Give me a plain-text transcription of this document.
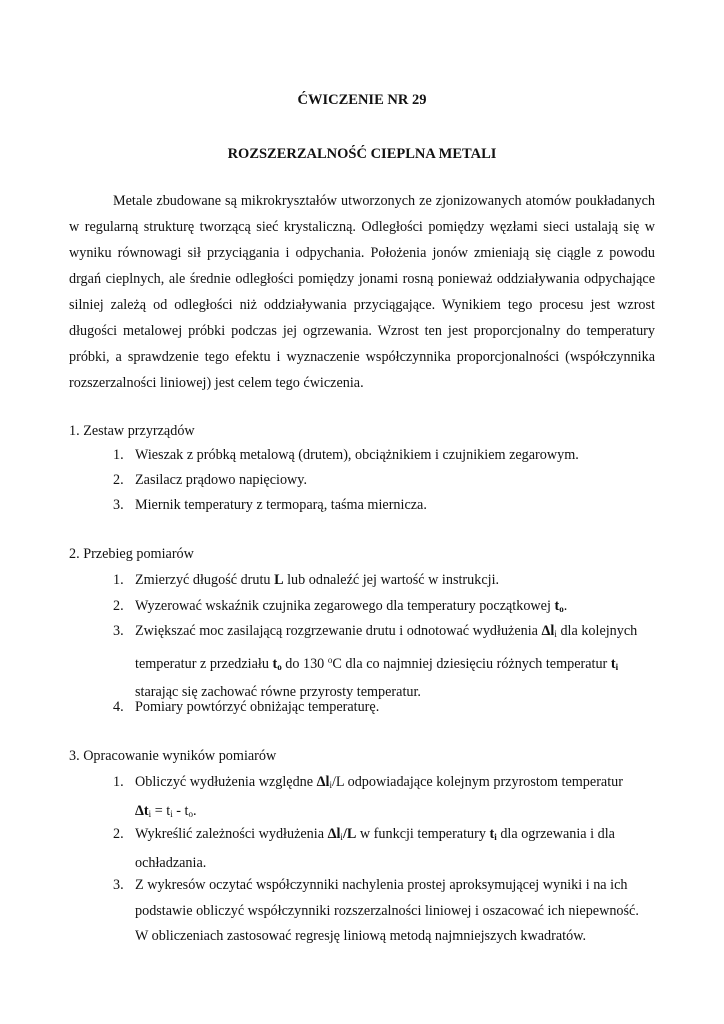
ĆWICZENIE NR 29
ROZSZERZALNOŚĆ CIEPLNA METALI
Metale zbudowane są mikrokryształów utworzonych ze zjonizowanych atomów poukładanych w regularną strukturę tworzącą sieć krystaliczną. Odległości pomiędzy węzłami sieci ustalają się w wyniku równowagi sił przyciągania i odpychania. Położenia jonów zmieniają się ciągle z powodu drgań cieplnych, ale średnie odległości pomiędzy jonami rosną ponieważ oddziaływania odpychające silniej zależą od odległości niż oddziaływania przyciągające. Wynikiem tego procesu jest wzrost długości metalowej próbki podczas jej ogrzewania. Wzrost ten jest proporcjonalny do temperatury próbki, a sprawdzenie tego efektu i wyznaczenie współczynnika proporcjonalności (współczynnika rozszerzalności liniowej) jest celem tego ćwiczenia.
1. Zestaw przyrządów
1. Wieszak z próbką metalową (drutem), obciążnikiem i czujnikiem zegarowym.
2. Zasilacz prądowo napięciowy.
3. Miernik temperatury z termoparą, taśma miernicza.
2. Przebieg pomiarów
1. Zmierzyć długość drutu L lub odnaleźć jej wartość w instrukcji.
2. Wyzerować wskaźnik czujnika zegarowego dla temperatury początkowej $t_o$.
3. Zwiększać moc zasilającą rozgrzewanie drutu i odnotować wydłużenia $\Delta l_i$ dla kolejnych
temperatur z przedziału $t_o$ do 130 $^o$C dla co najmniej dziesięciu różnych temperatur $t_i$
starając się zachować równe przyrosty temperatur.
4. Pomiary powtórzyć obniżając temperaturę.
3. Opracowanie wyników pomiarów
1. Obliczyć wydłużenia względne $\Delta l_i/L$ odpowiadające kolejnym przyrostom temperatur
$\Delta t_i = t_i - t_o$.
2. Wykreślić zależności wydłużenia $\Delta l_i/L$ w funkcji temperatury $t_i$ dla ogrzewania i dla
ochładzania.
3. Z wykresów oczytać współczynniki nachylenia prostej aproksymującej wyniki i na ich
podstawie obliczyć współczynniki rozszerzalności liniowej i oszacować ich niepewność.
W obliczeniach zastosować regresję liniową metodą najmniejszych kwadratów.
